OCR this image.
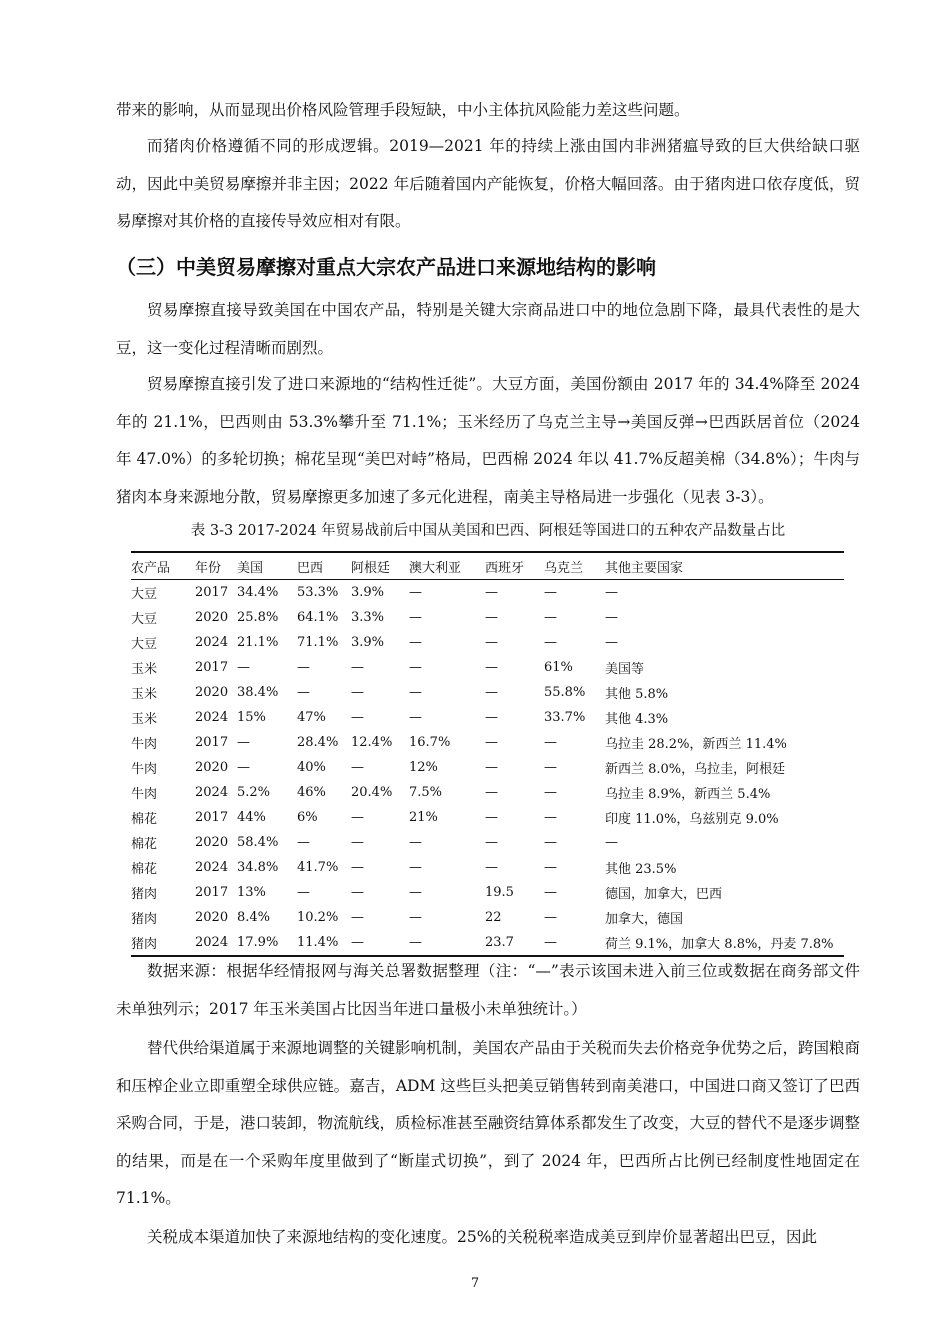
带来的影响，从而显现出价格风险管理手段短缺，中小主体抗风险能力差这些问题。

而猪肉价格遵循不同的形成逻辑。2019—2021 年的持续上涨由国内非洲猪瘟导致的巨大供给缺口驱动，因此中美贸易摩擦并非主因；2022 年后随着国内产能恢复，价格大幅回落。由于猪肉进口依存度低，贸易摩擦对其价格的直接传导效应相对有限。

（三）中美贸易摩擦对重点大宗农产品进口来源地结构的影响

贸易摩擦直接导致美国在中国农产品，特别是关键大宗商品进口中的地位急剧下降，最具代表性的是大豆，这一变化过程清晰而剧烈。

贸易摩擦直接引发了进口来源地的“结构性迁徙”。大豆方面，美国份额由 2017 年的 34.4%降至 2024 年的 21.1%，巴西则由 53.3%攀升至 71.1%；玉米经历了乌克兰主导→美国反弹→巴西跃居首位（2024 年 47.0%）的多轮切换；棉花呈现“美巴对峙”格局，巴西棉 2024 年以 41.7%反超美棉（34.8%）；牛肉与猪肉本身来源地分散，贸易摩擦更多加速了多元化进程，南美主导格局进一步强化（见表 3-3）。

表 3-3 2017-2024 年贸易战前后中国从美国和巴西、阿根廷等国进口的五种农产品数量占比
农产品	年份	美国	巴西	阿根廷	澳大利亚	西班牙	乌克兰	其他主要国家
大豆	2017	34.4%	53.3%	3.9%	—	—	—	—
大豆	2020	25.8%	64.1%	3.3%	—	—	—	—
大豆	2024	21.1%	71.1%	3.9%	—	—	—	—
玉米	2017	—	—	—	—	—	61%	美国等
玉米	2020	38.4%	—	—	—	—	55.8%	其他 5.8%
玉米	2024	15%	47%	—	—	—	33.7%	其他 4.3%
牛肉	2017	—	28.4%	12.4%	16.7%	—	—	乌拉圭 28.2%，新西兰 11.4%
牛肉	2020	—	40%	—	12%	—	—	新西兰 8.0%，乌拉圭，阿根廷
牛肉	2024	5.2%	46%	20.4%	7.5%	—	—	乌拉圭 8.9%，新西兰 5.4%
棉花	2017	44%	6%	—	21%	—	—	印度 11.0%，乌兹别克 9.0%
棉花	2020	58.4%	—	—	—	—	—	—
棉花	2024	34.8%	41.7%	—	—	—	—	其他 23.5%
猪肉	2017	13%	—	—	—	19.5	—	德国，加拿大，巴西
猪肉	2020	8.4%	10.2%	—	—	22	—	加拿大，德国
猪肉	2024	17.9%	11.4%	—	—	23.7	—	荷兰 9.1%，加拿大 8.8%，丹麦 7.8%

数据来源：根据华经情报网与海关总署数据整理（注：“—”表示该国未进入前三位或数据在商务部文件未单独列示；2017 年玉米美国占比因当年进口量极小未单独统计。）

替代供给渠道属于来源地调整的关键影响机制，美国农产品由于关税而失去价格竞争优势之后，跨国粮商和压榨企业立即重塑全球供应链。嘉吉，ADM 这些巨头把美豆销售转到南美港口，中国进口商又签订了巴西采购合同，于是，港口装卸，物流航线，质检标准甚至融资结算体系都发生了改变，大豆的替代不是逐步调整的结果，而是在一个采购年度里做到了“断崖式切换”，到了 2024 年，巴西所占比例已经制度性地固定在 71.1%。

关税成本渠道加快了来源地结构的变化速度。25%的关税税率造成美豆到岸价显著超出巴豆，因此

7
